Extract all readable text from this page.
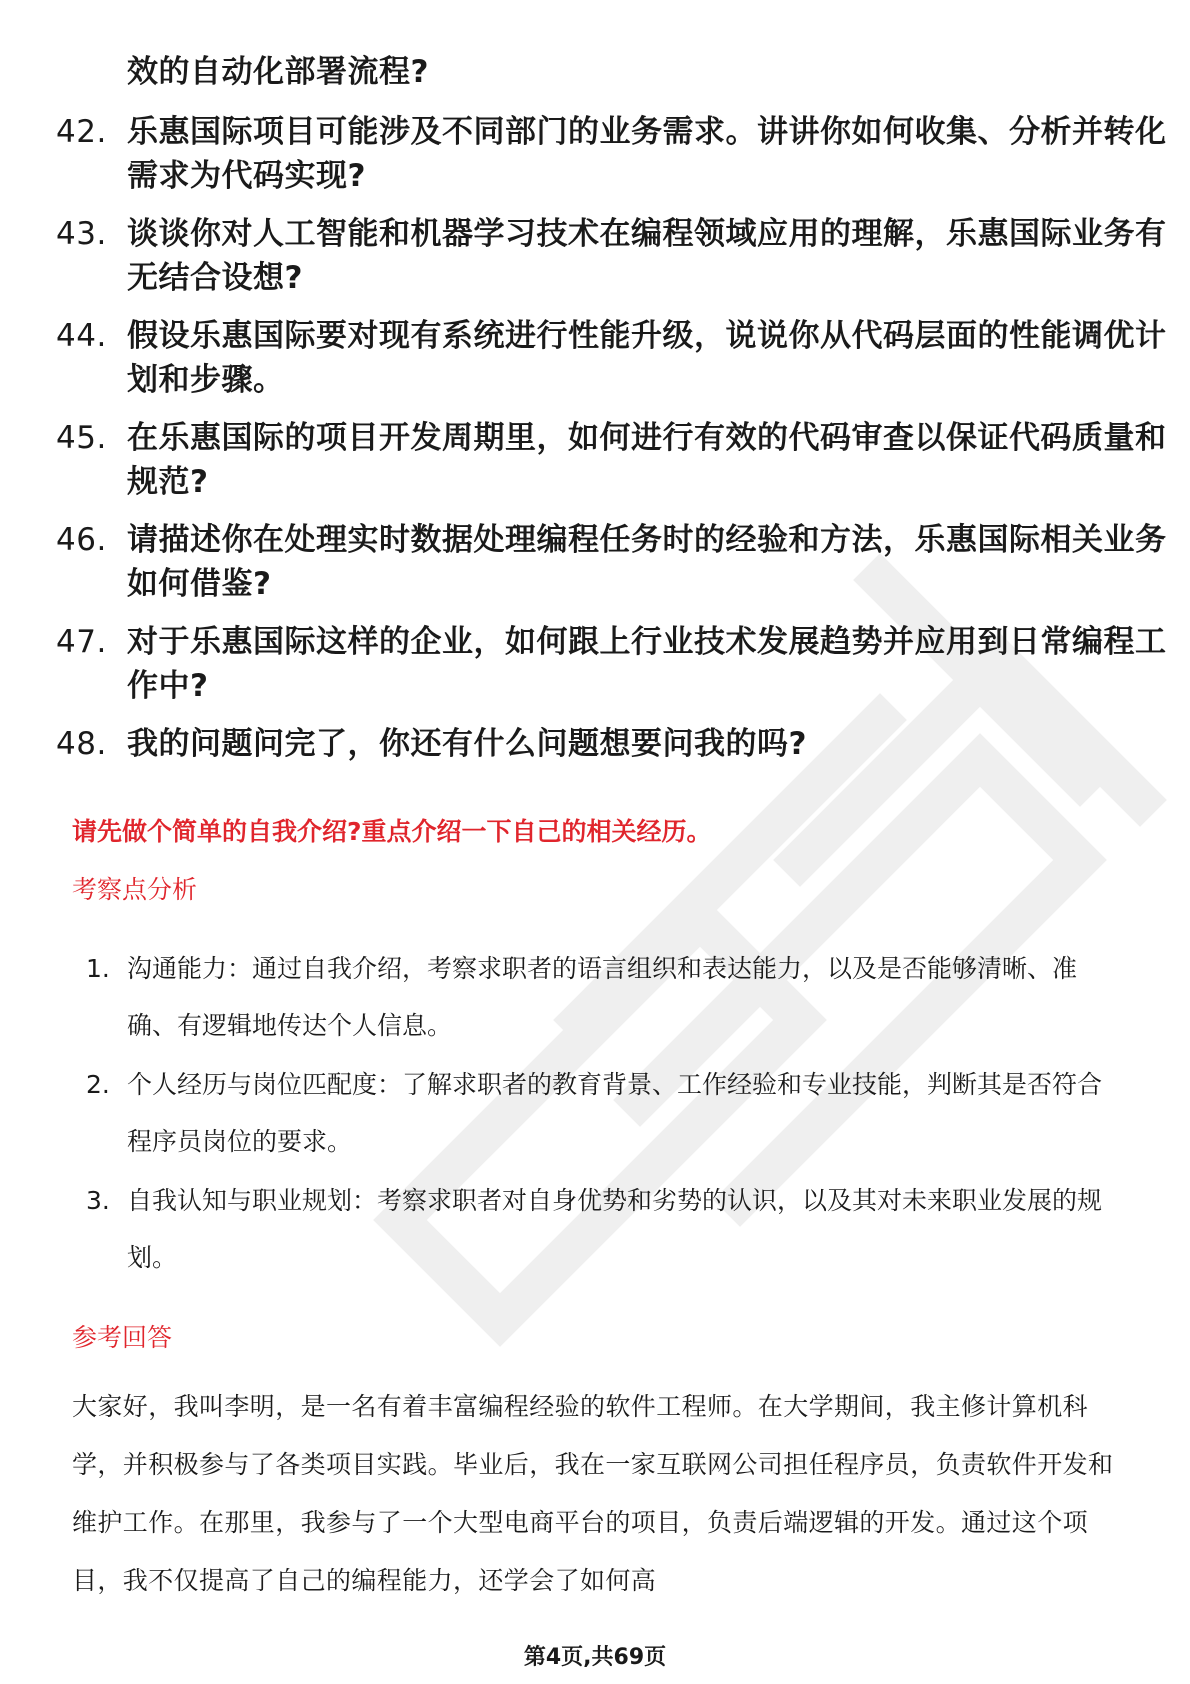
效的自动化部署流程?
42. 乐惠国际项目可能涉及不同部门的业务需求。讲讲你如何收集、分析并转化需求为代码实现?
43. 谈谈你对人工智能和机器学习技术在编程领域应用的理解，乐惠国际业务有无结合设想?
44. 假设乐惠国际要对现有系统进行性能升级，说说你从代码层面的性能调优计划和步骤。
45. 在乐惠国际的项目开发周期里，如何进行有效的代码审查以保证代码质量和规范?
46. 请描述你在处理实时数据处理编程任务时的经验和方法，乐惠国际相关业务如何借鉴?
47. 对于乐惠国际这样的企业，如何跟上行业技术发展趋势并应用到日常编程工作中?
48. 我的问题问完了，你还有什么问题想要问我的吗?
请先做个简单的自我介绍?重点介绍一下自己的相关经历。
考察点分析
1. 沟通能力：通过自我介绍，考察求职者的语言组织和表达能力，以及是否能够清晰、准确、有逻辑地传达个人信息。
2. 个人经历与岗位匹配度：了解求职者的教育背景、工作经验和专业技能，判断其是否符合程序员岗位的要求。
3. 自我认知与职业规划：考察求职者对自身优势和劣势的认识，以及其对未来职业发展的规划。
参考回答
大家好，我叫李明，是一名有着丰富编程经验的软件工程师。在大学期间，我主修计算机科学，并积极参与了各类项目实践。毕业后，我在一家互联网公司担任程序员，负责软件开发和维护工作。在那里，我参与了一个大型电商平台的项目，负责后端逻辑的开发。通过这个项目，我不仅提高了自己的编程能力，还学会了如何高
第4页,共69页
